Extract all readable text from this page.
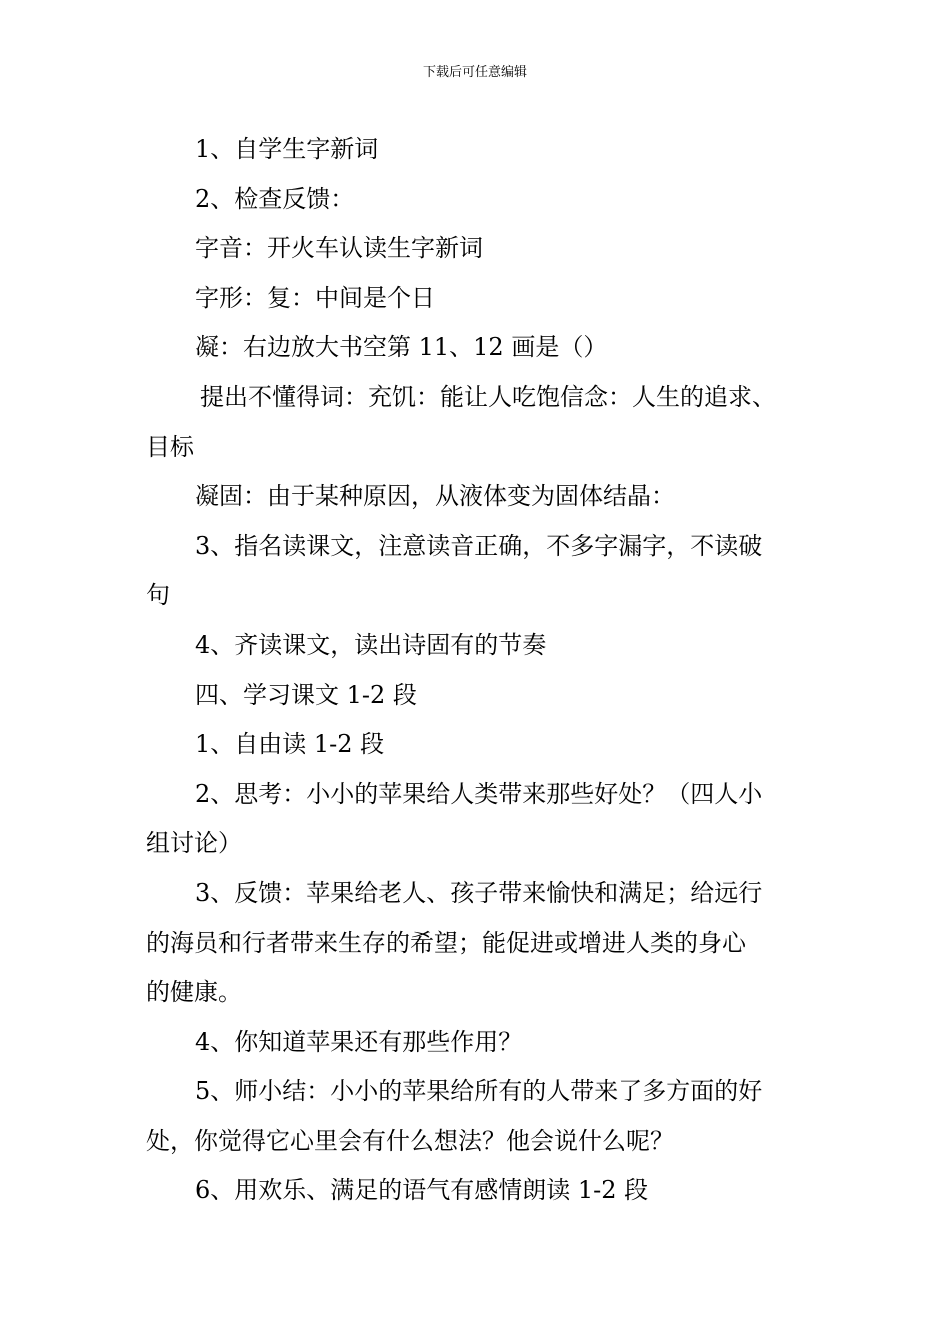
下载后可任意编辑

1、自学生字新词

2、检查反馈：

字音：开火车认读生字新词

字形：复：中间是个日

凝：右边放大书空第 11、12 画是（）

提出不懂得词：充饥：能让人吃饱信念：人生的追求、

目标

凝固：由于某种原因，从液体变为固体结晶：

3、指名读课文，注意读音正确，不多字漏字，不读破

句

4、齐读课文，读出诗固有的节奏

四、学习课文 1-2 段

1、自由读 1-2 段

2、思考：小小的苹果给人类带来那些好处？（四人小

组讨论）

3、反馈：苹果给老人、孩子带来愉快和满足；给远行

的海员和行者带来生存的希望；能促进或增进人类的身心

的健康。

4、你知道苹果还有那些作用？

5、师小结：小小的苹果给所有的人带来了多方面的好

处，你觉得它心里会有什么想法？他会说什么呢？

6、用欢乐、满足的语气有感情朗读 1-2 段
